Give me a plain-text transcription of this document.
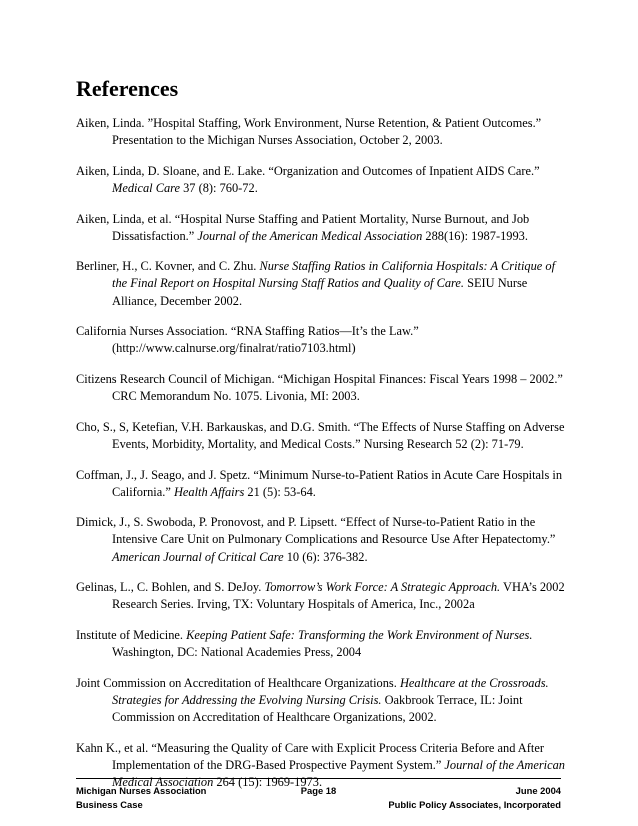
References

Aiken, Linda. ”Hospital Staffing, Work Environment, Nurse Retention, & Patient Outcomes.” Presentation to the Michigan Nurses Association, October 2, 2003.

Aiken, Linda, D. Sloane, and E. Lake. “Organization and Outcomes of Inpatient AIDS Care.” Medical Care 37 (8): 760-72.

Aiken, Linda, et al. “Hospital Nurse Staffing and Patient Mortality, Nurse Burnout, and Job Dissatisfaction.” Journal of the American Medical Association 288(16): 1987-1993.

Berliner, H., C. Kovner, and C. Zhu. Nurse Staffing Ratios in California Hospitals: A Critique of the Final Report on Hospital Nursing Staff Ratios and Quality of Care. SEIU Nurse Alliance, December 2002.

California Nurses Association. “RNA Staffing Ratios—It’s the Law.” (http://www.calnurse.org/finalrat/ratio7103.html)

Citizens Research Council of Michigan. “Michigan Hospital Finances: Fiscal Years 1998 – 2002.” CRC Memorandum No. 1075. Livonia, MI: 2003.

Cho, S., S, Ketefian, V.H. Barkauskas, and D.G. Smith. “The Effects of Nurse Staffing on Adverse Events, Morbidity, Mortality, and Medical Costs.” Nursing Research 52 (2): 71-79.

Coffman, J., J. Seago, and J. Spetz. “Minimum Nurse-to-Patient Ratios in Acute Care Hospitals in California.” Health Affairs 21 (5): 53-64.

Dimick, J., S. Swoboda, P. Pronovost, and P. Lipsett. “Effect of Nurse-to-Patient Ratio in the Intensive Care Unit on Pulmonary Complications and Resource Use After Hepatectomy.” American Journal of Critical Care 10 (6): 376-382.

Gelinas, L., C. Bohlen, and S. DeJoy. Tomorrow’s Work Force: A Strategic Approach. VHA’s 2002 Research Series. Irving, TX: Voluntary Hospitals of America, Inc., 2002a

Institute of Medicine. Keeping Patient Safe: Transforming the Work Environment of Nurses. Washington, DC: National Academies Press, 2004

Joint Commission on Accreditation of Healthcare Organizations. Healthcare at the Crossroads. Strategies for Addressing the Evolving Nursing Crisis. Oakbrook Terrace, IL: Joint Commission on Accreditation of Healthcare Organizations, 2002.

Kahn K., et al. “Measuring the Quality of Care with Explicit Process Criteria Before and After Implementation of the DRG-Based Prospective Payment System.” Journal of the American Medical Association 264 (15): 1969-1973.

Michigan Nurses Association	Page 18	June 2004
Business Case	Public Policy Associates, Incorporated
